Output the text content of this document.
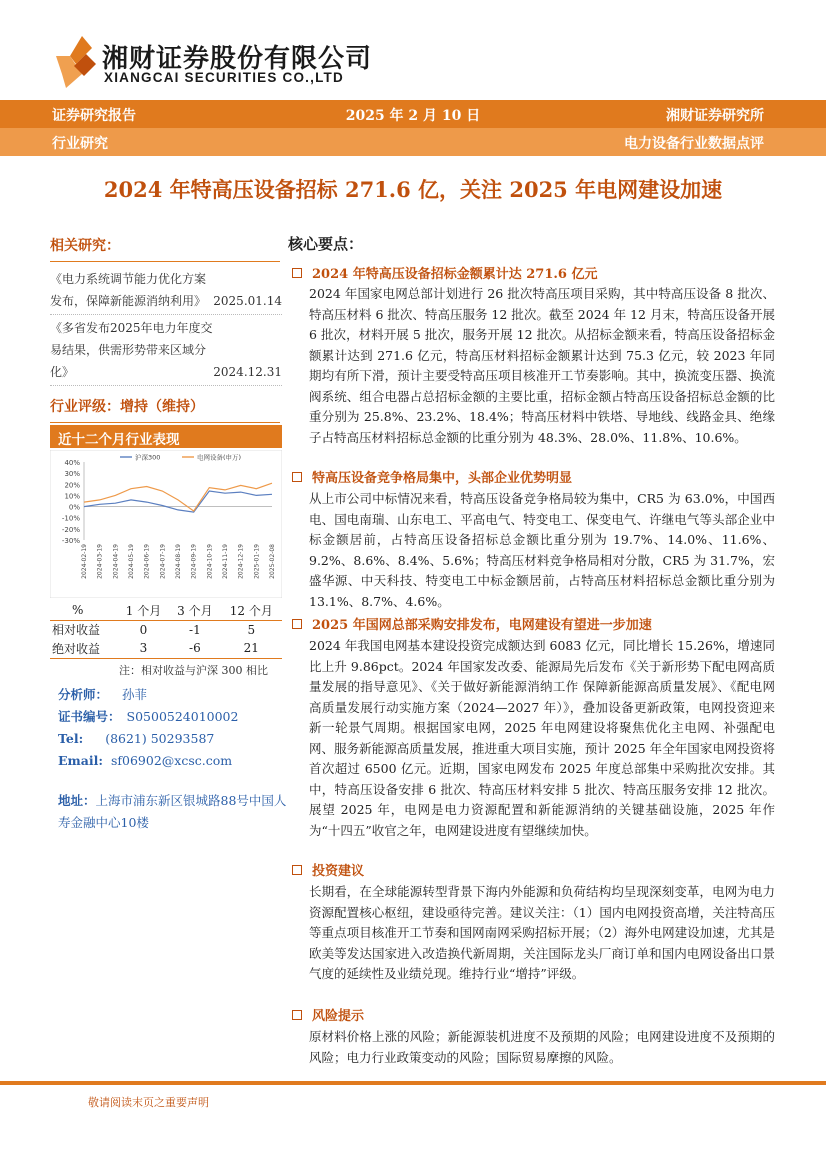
湘财证券股份有限公司
XIANGCAI SECURITIES CO.,LTD
证券研究报告	2025 年 2 月 10 日	湘财证券研究所
行业研究	电力设备行业数据点评
2024 年特高压设备招标 271.6 亿，关注 2025 年电网建设加速
相关研究：
《电力系统调节能力优化方案发布，保障新能源消纳利用》 2025.01.14
《多省发布2025年电力年度交易结果，供需形势带来区域分化》	2024.12.31
行业评级：增持（维持）
近十二个月行业表现
40%
30%
20%
10%
0%
-10%
-20%
-30%
2024-02-19 2024-03-19 2024-04-19 2024-05-19 2024-06-19 2024-07-19 2024-08-19 2024-09-19 2024-10-19 2024-11-19 2024-12-19 2025-01-19 2025-02-08
沪深300	电网设备(申万)
%	1 个月	3 个月	12 个月
相对收益	0	-1	5
绝对收益	3	-6	21
注：相对收益与沪深 300 相比
分析师： 孙菲
证书编号： S0500524010002
Tel: (8621) 50293587
Email: sf06902@xcsc.com
地址：上海市浦东新区银城路88号中国人寿金融中心10楼
核心要点：
2024 年特高压设备招标金额累计达 271.6 亿元
2024 年国家电网总部计划进行 26 批次特高压项目采购，其中特高压设备 8 批次、特高压材料 6 批次、特高压服务 12 批次。截至 2024 年 12 月末，特高压设备开展 6 批次，材料开展 5 批次，服务开展 12 批次。从招标金额来看，特高压设备招标金额累计达到 271.6 亿元，特高压材料招标金额累计达到 75.3 亿元，较 2023 年同期均有所下滑，预计主要受特高压项目核准开工节奏影响。其中，换流变压器、换流阀系统、组合电器占总招标金额的主要比重，招标金额占特高压设备招标总金额的比重分别为 25.8%、23.2%、18.4%；特高压材料中铁塔、导地线、线路金具、绝缘子占特高压材料招标总金额的比重分别为 48.3%、28.0%、11.8%、10.6%。
特高压设备竞争格局集中，头部企业优势明显
从上市公司中标情况来看，特高压设备竞争格局较为集中，CR5 为 63.0%，中国西电、国电南瑞、山东电工、平高电气、特变电工、保变电气、许继电气等头部企业中标金额居前，占特高压设备招标总金额比重分别为 19.7%、14.0%、11.6%、9.2%、8.6%、8.4%、5.6%；特高压材料竞争格局相对分散，CR5 为 31.7%，宏盛华源、中天科技、特变电工中标金额居前，占特高压材料招标总金额比重分别为 13.1%、8.7%、4.6%。
2025 年国网总部采购安排发布，电网建设有望进一步加速
2024 年我国电网基本建设投资完成额达到 6083 亿元，同比增长 15.26%，增速同比上升 9.86pct。2024 年国家发改委、能源局先后发布《关于新形势下配电网高质量发展的指导意见》、《关于做好新能源消纳工作 保障新能源高质量发展》、《配电网高质量发展行动实施方案（2024—2027 年）》，叠加设备更新政策，电网投资迎来新一轮景气周期。根据国家电网，2025 年电网建设将聚焦优化主电网、补强配电网、服务新能源高质量发展，推进重大项目实施，预计 2025 年全年国家电网投资将首次超过 6500 亿元。近期，国家电网发布 2025 年度总部集中采购批次安排。其中，特高压设备安排 6 批次、特高压材料安排 5 批次、特高压服务安排 12 批次。展望 2025 年，电网是电力资源配置和新能源消纳的关键基础设施，2025 年作为“十四五”收官之年，电网建设进度有望继续加快。
投资建议
长期看，在全球能源转型背景下海内外能源和负荷结构均呈现深刻变革，电网为电力资源配置核心枢纽，建设亟待完善。建议关注：（1）国内电网投资高增，关注特高压等重点项目核准开工节奏和国网南网采购招标开展；（2）海外电网建设加速，尤其是欧美等发达国家进入改造换代新周期，关注国际龙头厂商订单和国内电网设备出口景气度的延续性及业绩兑现。维持行业“增持”评级。
风险提示
原材料价格上涨的风险；新能源装机进度不及预期的风险；电网建设进度不及预期的风险；电力行业政策变动的风险；国际贸易摩擦的风险。
敬请阅读末页之重要声明
